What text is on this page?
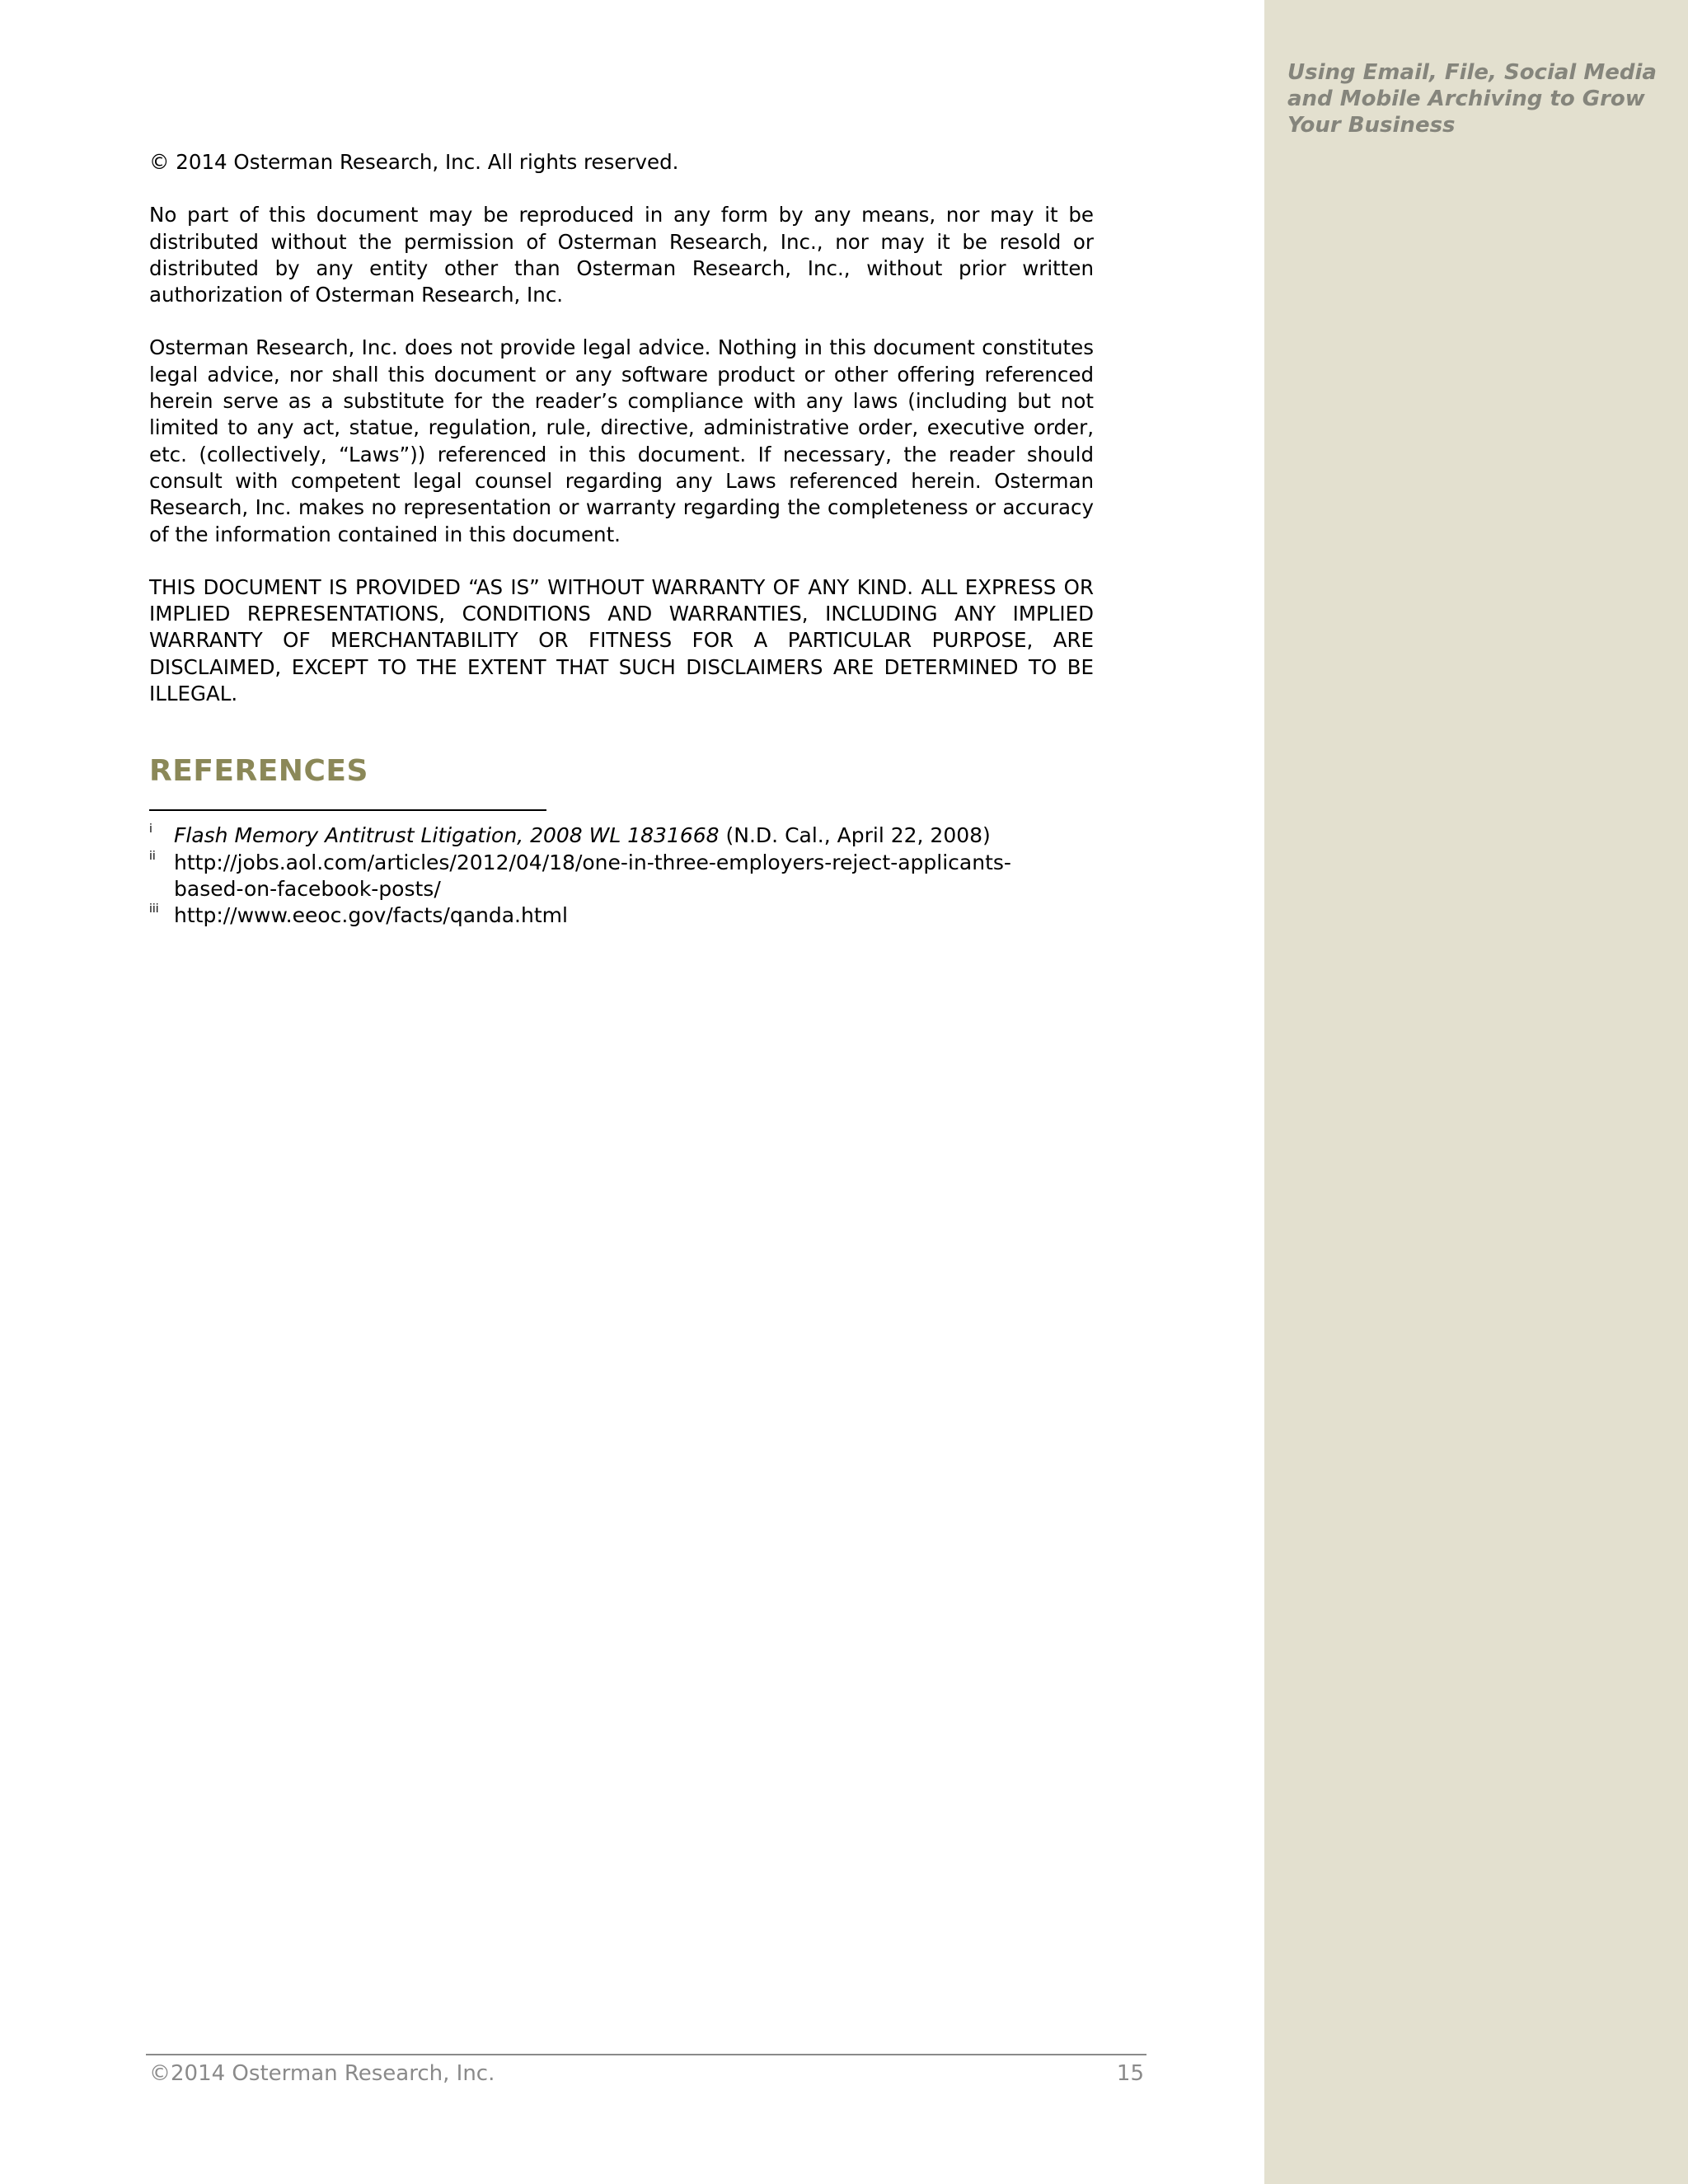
Using Email, File, Social Media and Mobile Archiving to Grow Your Business

© 2014 Osterman Research, Inc. All rights reserved.

No part of this document may be reproduced in any form by any means, nor may it be distributed without the permission of Osterman Research, Inc., nor may it be resold or distributed by any entity other than Osterman Research, Inc., without prior written authorization of Osterman Research, Inc.

Osterman Research, Inc. does not provide legal advice. Nothing in this document constitutes legal advice, nor shall this document or any software product or other offering referenced herein serve as a substitute for the reader’s compliance with any laws (including but not limited to any act, statue, regulation, rule, directive, administrative order, executive order, etc. (collectively, “Laws”)) referenced in this document. If necessary, the reader should consult with competent legal counsel regarding any Laws referenced herein. Osterman Research, Inc. makes no representation or warranty regarding the completeness or accuracy of the information contained in this document.

THIS DOCUMENT IS PROVIDED “AS IS” WITHOUT WARRANTY OF ANY KIND. ALL EXPRESS OR IMPLIED REPRESENTATIONS, CONDITIONS AND WARRANTIES, INCLUDING ANY IMPLIED WARRANTY OF MERCHANTABILITY OR FITNESS FOR A PARTICULAR PURPOSE, ARE DISCLAIMED, EXCEPT TO THE EXTENT THAT SUCH DISCLAIMERS ARE DETERMINED TO BE ILLEGAL.

REFERENCES
i Flash Memory Antitrust Litigation, 2008 WL 1831668 (N.D. Cal., April 22, 2008)
ii http://jobs.aol.com/articles/2012/04/18/one-in-three-employers-reject-applicants-based-on-facebook-posts/
iii http://www.eeoc.gov/facts/qanda.html
©2014 Osterman Research, Inc.	15
